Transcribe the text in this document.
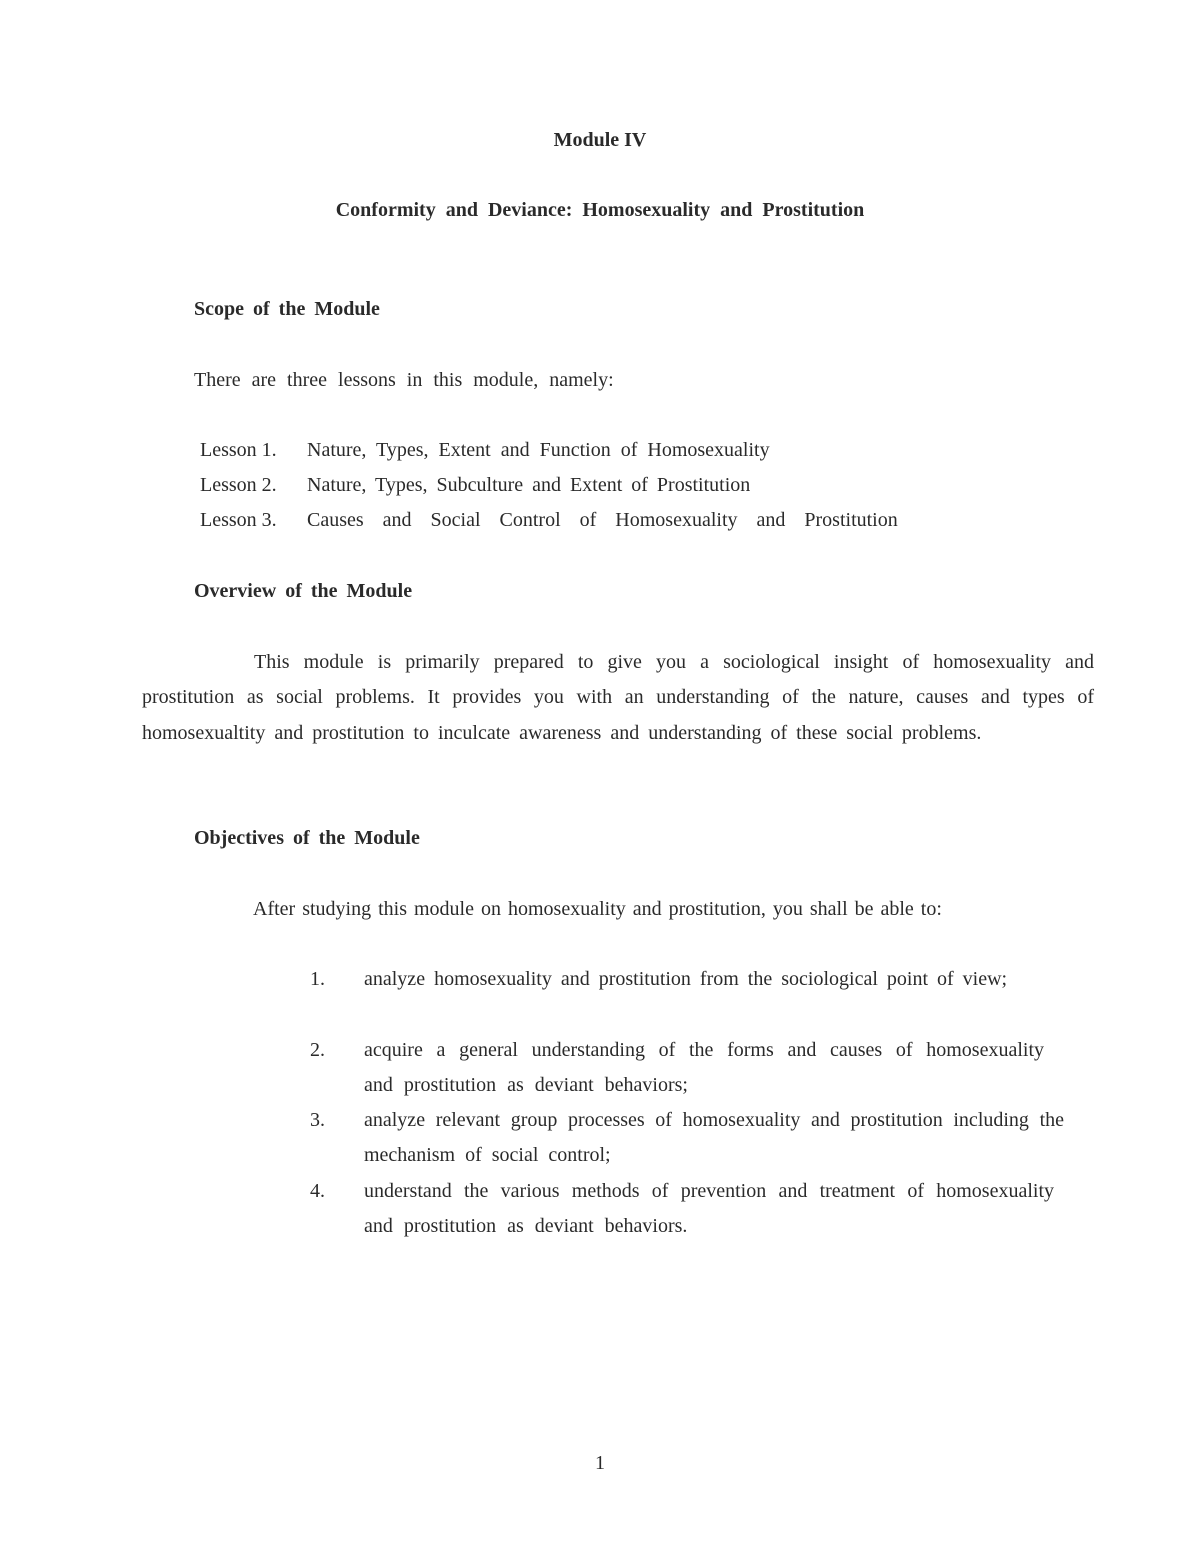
Module IV
Conformity and Deviance: Homosexuality and Prostitution
Scope of the Module
There are three lessons in this module, namely:
Lesson 1. Nature, Types, Extent and Function of Homosexuality
Lesson 2. Nature, Types, Subculture and Extent of Prostitution
Lesson 3. Causes and Social Control of Homosexuality and Prostitution
Overview of the Module
This module is primarily prepared to give you a sociological insight of homosexuality and prostitution as social problems. It provides you with an understanding of the nature, causes and types of homosexualtity and prostitution to inculcate awareness and understanding of these social problems.
Objectives of the Module
After studying this module on homosexuality and prostitution, you shall be able to:
1. analyze homosexuality and prostitution from the sociological point of view;
2. acquire a general understanding of the forms and causes of homosexuality and prostitution as deviant behaviors;
3. analyze relevant group processes of homosexuality and prostitution including the mechanism of social control;
4. understand the various methods of prevention and treatment of homosexuality and prostitution as deviant behaviors.
1
